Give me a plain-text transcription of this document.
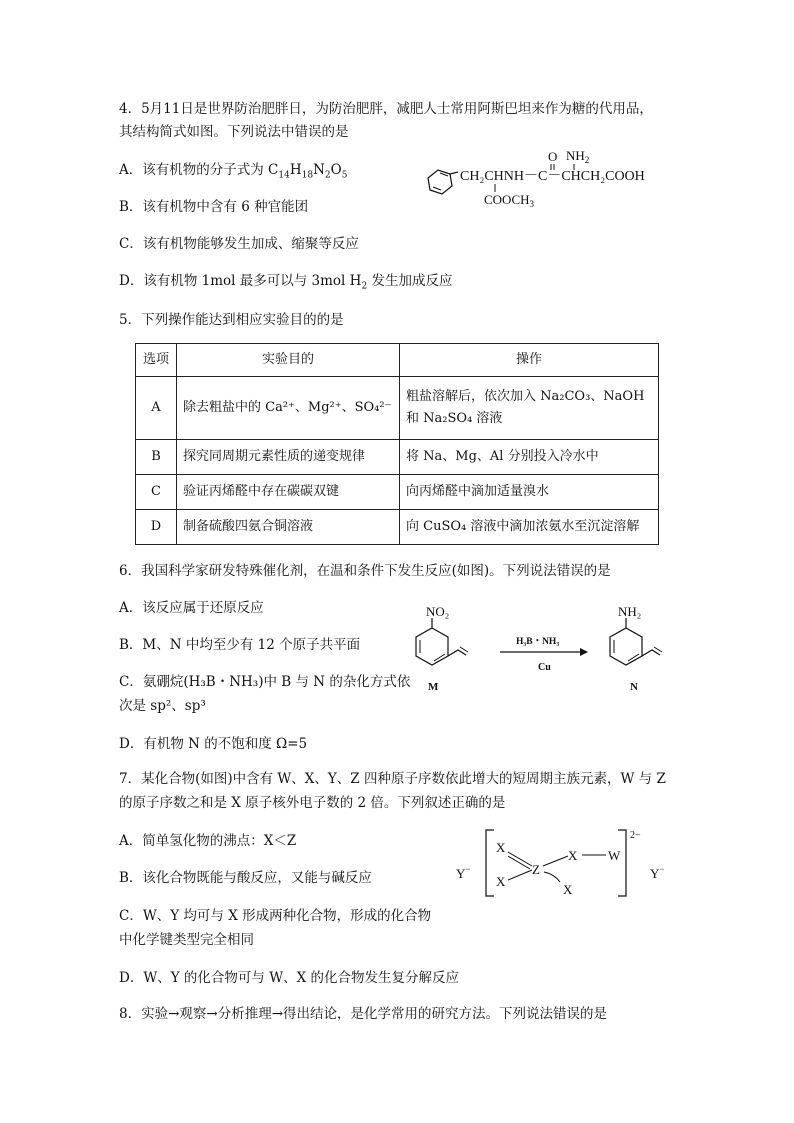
4．5月11日是世界防治肥胖日，为防治肥胖，减肥人士常用阿斯巴坦来作为糖的代用品，
其结构简式如图。下列说法中错误的是
A．该有机物的分子式为 $C_{14}H_{18}N_2O_5$
B．该有机物中含有 6 种官能团
C．该有机物能够发生加成、缩聚等反应
D．该有机物 1mol 最多可以与 3mol $H_2$ 发生加成反应
CH₂CHNH－C－CHCH₂COOH
O $NH_2$
$COOCH_3$
5．下列操作能达到相应实验目的的是
选项	实验目的	操作
A	除去粗盐中的 Ca²⁺、Mg²⁺、SO₄²⁻	粗盐溶解后，依次加入 Na₂CO₃、NaOH
和 Na₂SO₄ 溶液

B	探究同周期元素性质的递变规律	将 Na、Mg、Al 分别投入冷水中
C	验证丙烯醛中存在碳碳双键	向丙烯醛中滴加适量溴水
D	制备硫酸四氨合铜溶液	向 CuSO₄ 溶液中滴加浓氨水至沉淀溶解
6．我国科学家研发特殊催化剂，在温和条件下发生反应(如图)。下列说法错误的是
A．该反应属于还原反应
B．M、N 中均至少有 12 个原子共平面
C．氨硼烷(H₃B・NH₃)中 B 与 N 的杂化方式依
次是 sp²、sp³
D．有机物 N 的不饱和度 Ω=5
NO₂
M
H₃B・NH₃
Cu
NH₂
N
7．某化合物(如图)中含有 W、X、Y、Z 四种原子序数依此增大的短周期主族元素，W 与 Z
的原子序数之和是 X 原子核外电子数的 2 倍。下列叙述正确的是
A．简单氢化物的沸点：X＜Z
B．该化合物既能与酸反应，又能与碱反应
C．W、Y 均可与 X 形成两种化合物，形成的化合物
中化学键类型完全相同
D．W、Y 的化合物可与 W、X 的化合物发生复分解反应
Y−
X
X
Z
X W
X
2−
Y−
8．实验→观察→分析推理→得出结论，是化学常用的研究方法。下列说法错误的是
